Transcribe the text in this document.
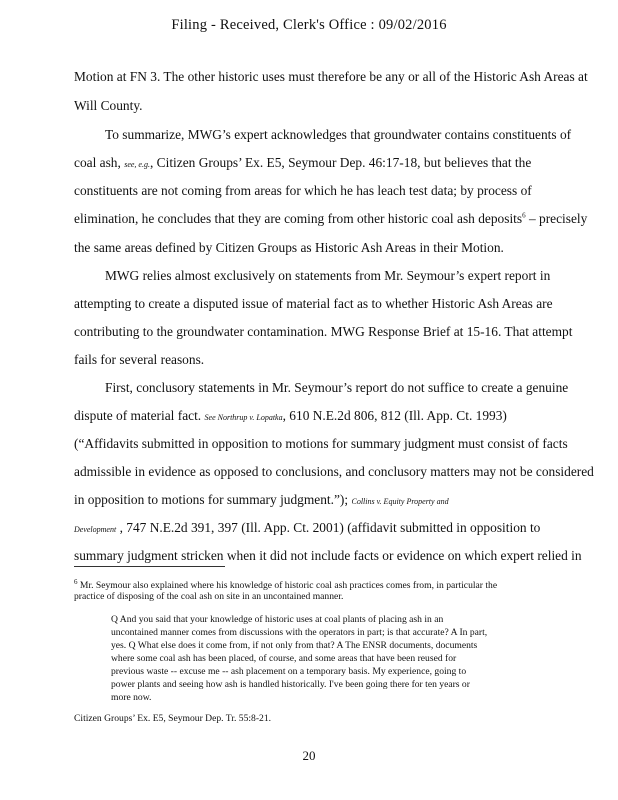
Filing - Received, Clerk's Office : 09/02/2016
Motion at FN 3. The other historic uses must therefore be any or all of the Historic Ash Areas at
Will County.
To summarize, MWG’s expert acknowledges that groundwater contains constituents of
coal ash, see, e.g., Citizen Groups’ Ex. E5, Seymour Dep. 46:17-18, but believes that the
constituents are not coming from areas for which he has leach test data; by process of
elimination, he concludes that they are coming from other historic coal ash deposits$^6$ – precisely
the same areas defined by Citizen Groups as Historic Ash Areas in their Motion.
MWG relies almost exclusively on statements from Mr. Seymour’s expert report in
attempting to create a disputed issue of material fact as to whether Historic Ash Areas are
contributing to the groundwater contamination. MWG Response Brief at 15-16. That attempt
fails for several reasons.
First, conclusory statements in Mr. Seymour’s report do not suffice to create a genuine
dispute of material fact. See Northrup v. Lopatka, 610 N.E.2d 806, 812 (Ill. App. Ct. 1993)
(“Affidavits submitted in opposition to motions for summary judgment must consist of facts
admissible in evidence as opposed to conclusions, and conclusory matters may not be considered
in opposition to motions for summary judgment.”); Collins v. Equity Property and
Development , 747 N.E.2d 391, 397 (Ill. App. Ct. 2001) (affidavit submitted in opposition to
summary judgment stricken when it did not include facts or evidence on which expert relied in
$^6$ Mr. Seymour also explained where his knowledge of historic coal ash practices comes from, in particular the
practice of disposing of the coal ash on site in an uncontained manner.
Q And you said that your knowledge of historic uses at coal plants of placing ash in an
uncontained manner comes from discussions with the operators in part; is that accurate? A In part,
yes. Q What else does it come from, if not only from that? A The ENSR documents, documents
where some coal ash has been placed, of course, and some areas that have been reused for
previous waste -- excuse me -- ash placement on a temporary basis. My experience, going to
power plants and seeing how ash is handled historically. I've been going there for ten years or
more now.
Citizen Groups’ Ex. E5, Seymour Dep. Tr. 55:8-21.
20
